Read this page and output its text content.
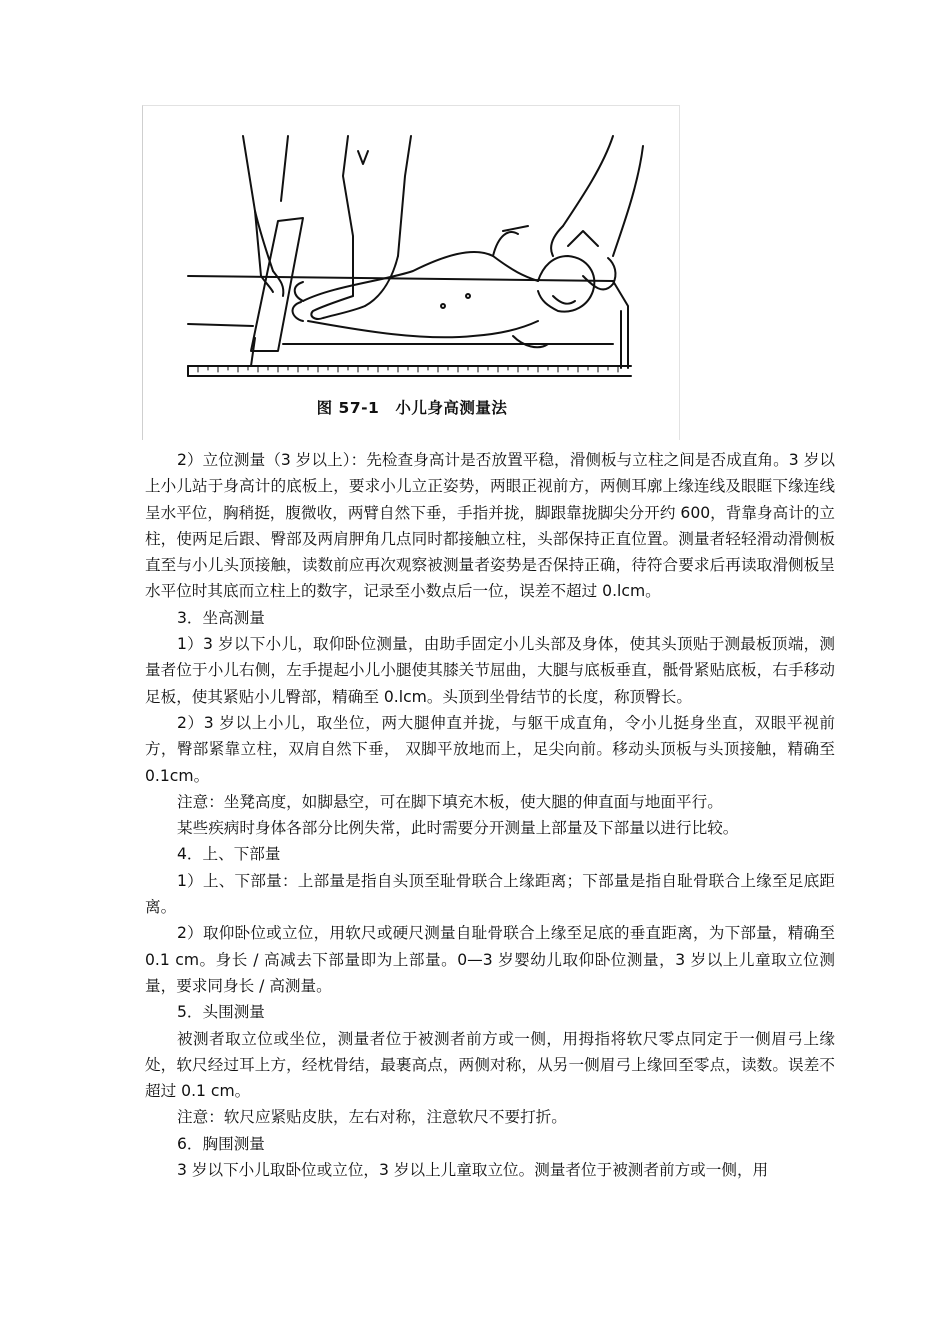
图 57-1　小儿身高测量法

2）立位测量（3 岁以上）：先检查身高计是否放置平稳，滑侧板与立柱之间是否成直角。3 岁以上小儿站于身高计的底板上，要求小儿立正姿势，两眼正视前方，两侧耳廓上缘连线及眼眶下缘连线呈水平位，胸稍挺，腹微收，两臂自然下垂，手指并拢，脚跟靠拢脚尖分开约 600，背靠身高计的立柱，使两足后跟、臀部及两肩胛角几点同时都接触立柱，头部保持正直位置。测量者轻轻滑动滑侧板直至与小儿头顶接触，读数前应再次观察被测量者姿势是否保持正确，待符合要求后再读取滑侧板呈水平位时其底而立柱上的数字，记录至小数点后一位，误差不超过 0.lcm。

3．坐高测量

1）3 岁以下小儿，取仰卧位测量，由助手固定小儿头部及身体，使其头顶贴于测最板顶端，测量者位于小儿右侧，左手提起小儿小腿使其膝关节屈曲，大腿与底板垂直，骶骨紧贴底板，右手移动足板，使其紧贴小儿臀部，精确至 0.lcm。头顶到坐骨结节的长度，称顶臀长。

2）3 岁以上小儿，取坐位，两大腿伸直并拢，与躯干成直角，令小儿挺身坐直，双眼平视前方，臀部紧靠立柱，双肩自然下垂， 双脚平放地而上，足尖向前。移动头顶板与头顶接触，精确至 0.1cm。

注意：坐凳高度，如脚悬空，可在脚下填充木板，使大腿的伸直面与地面平行。

某些疾病时身体各部分比例失常，此时需要分开测量上部量及下部量以进行比较。

4．上、下部量

1）上、下部量：上部量是指自头顶至耻骨联合上缘距离；下部量是指自耻骨联合上缘至足底距离。

2）取仰卧位或立位，用软尺或硬尺测量自耻骨联合上缘至足底的垂直距离，为下部量，精确至 0.1 cm。身长 / 高减去下部量即为上部量。0—3 岁婴幼儿取仰卧位测量，3 岁以上儿童取立位测量，要求同身长 / 高测量。

5．头围测量

被测者取立位或坐位，测量者位于被测者前方或一侧，用拇指将软尺零点同定于一侧眉弓上缘处，软尺经过耳上方，经枕骨结，最裹高点，两侧对称，从另一侧眉弓上缘回至零点，读数。误差不超过 0.1 cm。

注意：软尺应紧贴皮肤，左右对称，注意软尺不要打折。

6．胸围测量

3 岁以下小儿取卧位或立位，3 岁以上儿童取立位。测量者位于被测者前方或一侧，用
